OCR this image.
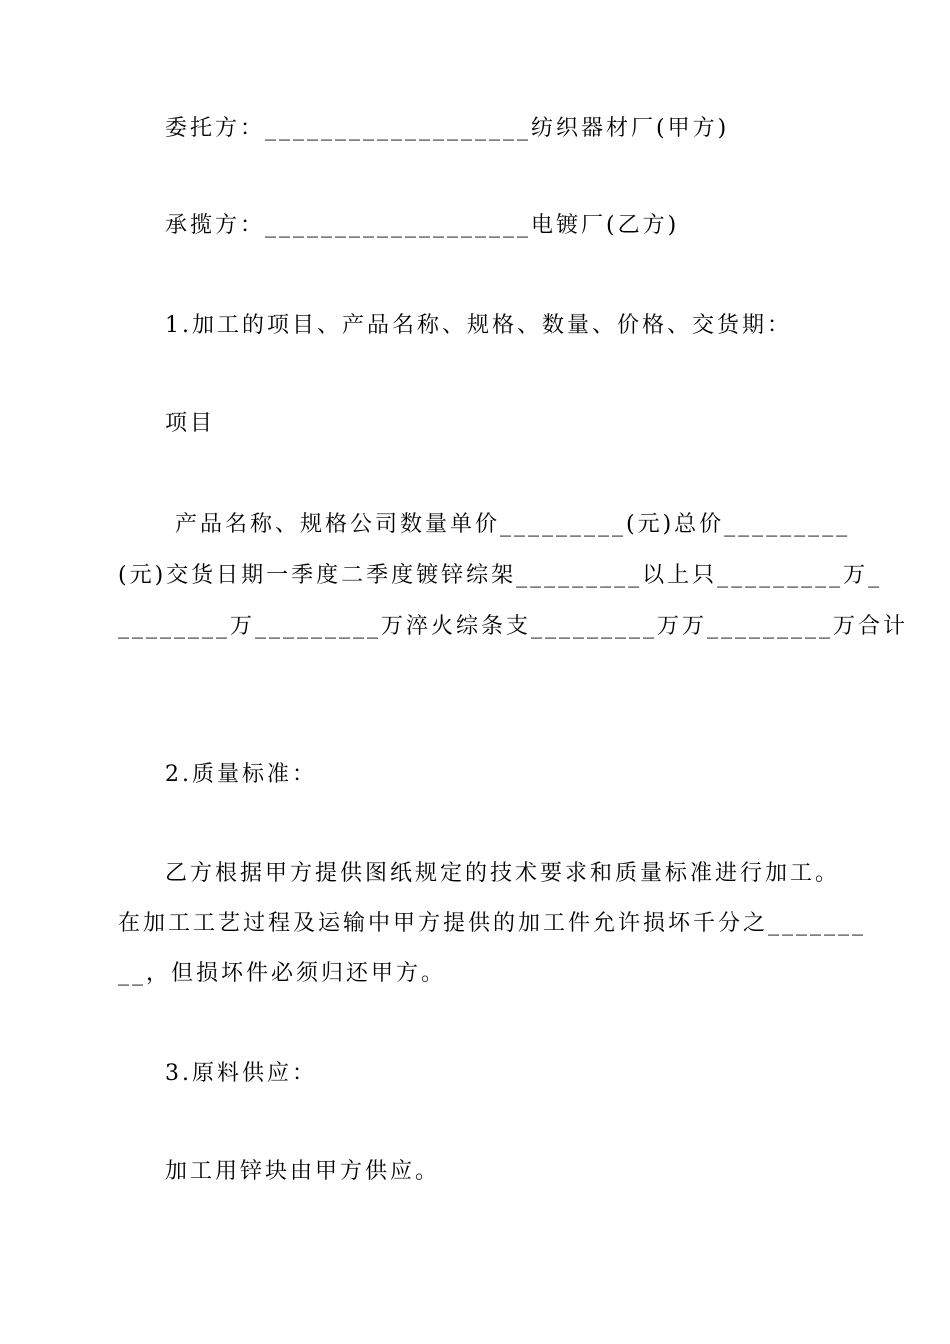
委托方：___________________纺织器材厂(甲方)
承揽方：___________________电镀厂(乙方)
1.加工的项目、产品名称、规格、数量、价格、交货期：
项目
产品名称、规格公司数量单价_________(元)总价_________
(元)交货日期一季度二季度镀锌综架_________以上只_________万_
________万_________万淬火综条支_________万万_________万合计
2.质量标准：
乙方根据甲方提供图纸规定的技术要求和质量标准进行加工。
在加工工艺过程及运输中甲方提供的加工件允许损坏千分之_______
__，但损坏件必须归还甲方。
3.原料供应：
加工用锌块由甲方供应。
